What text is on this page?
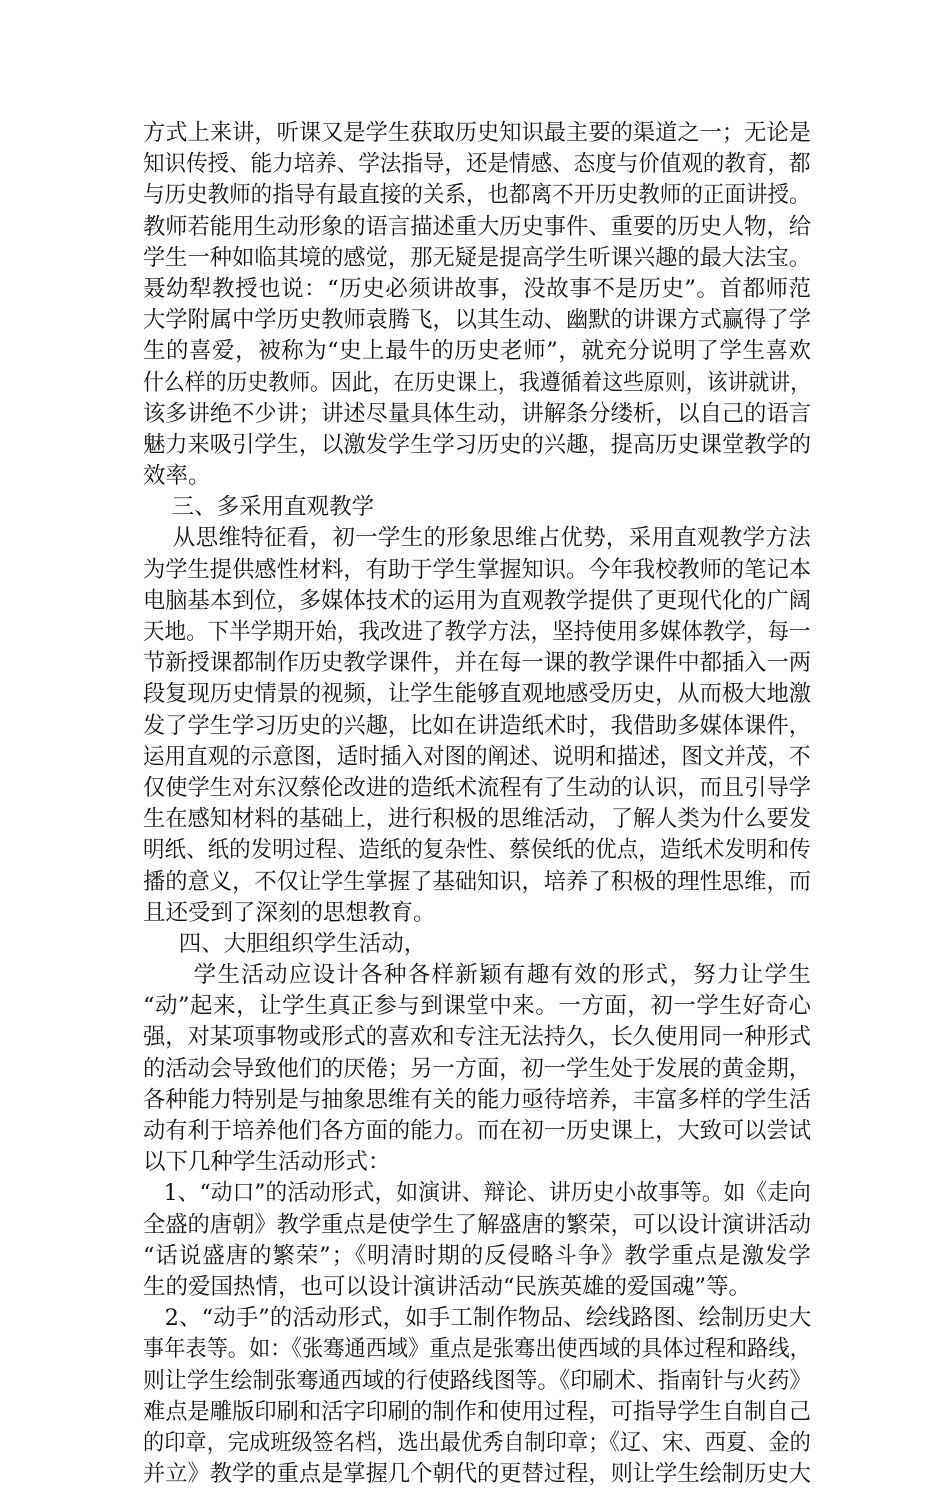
方式上来讲，听课又是学生获取历史知识最主要的渠道之一；无论是
知识传授、能力培养、学法指导，还是情感、态度与价值观的教育，都
与历史教师的指导有最直接的关系，也都离不开历史教师的正面讲授。
教师若能用生动形象的语言描述重大历史事件、重要的历史人物，给
学生一种如临其境的感觉，那无疑是提高学生听课兴趣的最大法宝。
聂幼犁教授也说：“历史必须讲故事，没故事不是历史”。首都师范
大学附属中学历史教师袁腾飞，以其生动、幽默的讲课方式赢得了学
生的喜爱，被称为“史上最牛的历史老师”，就充分说明了学生喜欢
什么样的历史教师。因此，在历史课上，我遵循着这些原则，该讲就讲，
该多讲绝不少讲；讲述尽量具体生动，讲解条分缕析，以自己的语言
魅力来吸引学生，以激发学生学习历史的兴趣，提高历史课堂教学的
效率。
三、多采用直观教学
从思维特征看，初一学生的形象思维占优势，采用直观教学方法
为学生提供感性材料，有助于学生掌握知识。今年我校教师的笔记本
电脑基本到位，多媒体技术的运用为直观教学提供了更现代化的广阔
天地。下半学期开始，我改进了教学方法，坚持使用多媒体教学，每一
节新授课都制作历史教学课件，并在每一课的教学课件中都插入一两
段复现历史情景的视频，让学生能够直观地感受历史，从而极大地激
发了学生学习历史的兴趣，比如在讲造纸术时，我借助多媒体课件，
运用直观的示意图，适时插入对图的阐述、说明和描述，图文并茂，不
仅使学生对东汉蔡伦改进的造纸术流程有了生动的认识，而且引导学
生在感知材料的基础上，进行积极的思维活动，了解人类为什么要发
明纸、纸的发明过程、造纸的复杂性、蔡侯纸的优点，造纸术发明和传
播的意义，不仅让学生掌握了基础知识，培养了积极的理性思维，而
且还受到了深刻的思想教育。
四、大胆组织学生活动，
学生活动应设计各种各样新颖有趣有效的形式，努力让学生
“动”起来，让学生真正参与到课堂中来。一方面，初一学生好奇心
强，对某项事物或形式的喜欢和专注无法持久，长久使用同一种形式
的活动会导致他们的厌倦；另一方面，初一学生处于发展的黄金期，
各种能力特别是与抽象思维有关的能力亟待培养，丰富多样的学生活
动有利于培养他们各方面的能力。而在初一历史课上，大致可以尝试
以下几种学生活动形式：
1、“动口”的活动形式，如演讲、辩论、讲历史小故事等。如《走向
全盛的唐朝》教学重点是使学生了解盛唐的繁荣，可以设计演讲活动
“话说盛唐的繁荣”；《明清时期的反侵略斗争》教学重点是激发学
生的爱国热情，也可以设计演讲活动“民族英雄的爱国魂”等。
2、“动手”的活动形式，如手工制作物品、绘线路图、绘制历史大
事年表等。如：《张骞通西域》重点是张骞出使西域的具体过程和路线，
则让学生绘制张骞通西域的行使路线图等。《印刷术、指南针与火药》
难点是雕版印刷和活字印刷的制作和使用过程，可指导学生自制自己
的印章，完成班级签名档，选出最优秀自制印章；《辽、宋、西夏、金的
并立》教学的重点是掌握几个朝代的更替过程，则让学生绘制历史大
